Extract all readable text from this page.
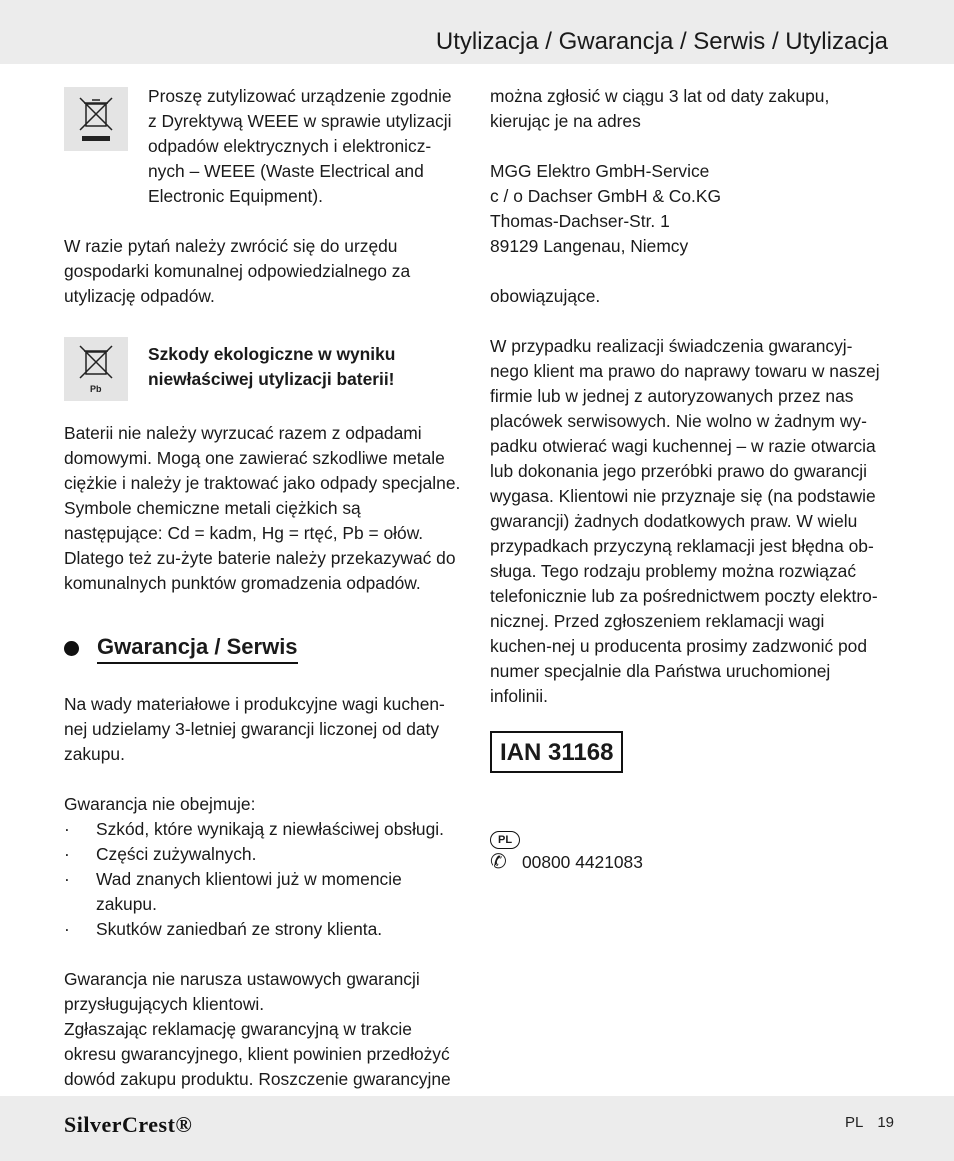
Utylizacja / Gwarancja / Serwis / Utylizacja

Proszę zutylizować urządzenie zgodnie z Dyrektywą WEEE w sprawie utylizacji odpadów elektrycznych i elektronicz-nych – WEEE (Waste Electrical and Electronic Equipment).

W razie pytań należy zwrócić się do urzędu gospodarki komunalnej odpowiedzialnego za utylizację odpadów.

Pb

Szkody ekologiczne w wyniku niewłaściwej utylizacji baterii!

Baterii nie należy wyrzucać razem z odpadami domowymi. Mogą one zawierać szkodliwe metale ciężkie i należy je traktować jako odpady specjalne. Symbole chemiczne metali ciężkich są następujące: Cd = kadm, Hg = rtęć, Pb = ołów. Dlatego też zu-żyte baterie należy przekazywać do komunalnych punktów gromadzenia odpadów.

Gwarancja / Serwis

Na wady materiałowe i produkcyjne wagi kuchen-nej udzielamy 3-letniej gwarancji liczonej od daty zakupu.

Gwarancja nie obejmuje:

· Szkód, które wynikają z niewłaściwej obsługi.
· Części zużywalnych.
· Wad znanych klientowi już w momencie zakupu.
· Skutków zaniedbań ze strony klienta.

Gwarancja nie narusza ustawowych gwarancji przysługujących klientowi.

Zgłaszając reklamację gwarancyjną w trakcie okresu gwarancyjnego, klient powinien przedłożyć dowód zakupu produktu. Roszczenie gwarancyjne

można zgłosić w ciągu 3 lat od daty zakupu, kierując je na adres

MGG Elektro GmbH-Service

c / o Dachser GmbH & Co.KG

Thomas-Dachser-Str. 1

89129 Langenau, Niemcy

obowiązujące.

W przypadku realizacji świadczenia gwarancyj-nego klient ma prawo do naprawy towaru w naszej firmie lub w jednej z autoryzowanych przez nas placówek serwisowych. Nie wolno w żadnym wy-padku otwierać wagi kuchennej – w razie otwarcia lub dokonania jego przeróbki prawo do gwarancji wygasa. Klientowi nie przyznaje się (na podstawie gwarancji) żadnych dodatkowych praw. W wielu przypadkach przyczyną reklamacji jest błędna ob-sługa. Tego rodzaju problemy można rozwiązać telefonicznie lub za pośrednictwem poczty elektro-nicznej. Przed zgłoszeniem reklamacji wagi kuchen-nej u producenta prosimy zadzwonić pod numer specjalnie dla Państwa uruchomionej infolinii.

IAN 31168
PL
✆ 00800 4421083
SilverCrest®	PL 19
